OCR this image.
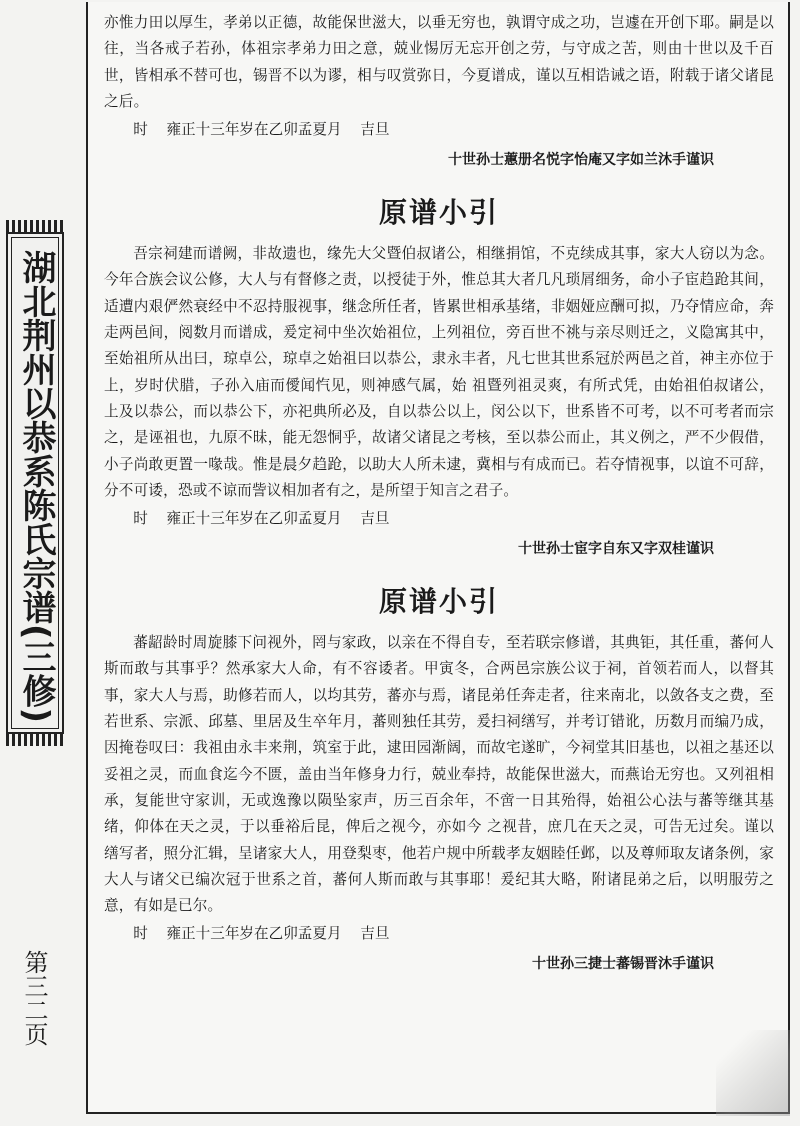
湖北荆州以恭系陈氏宗谱(三修)
第三二页

亦惟力田以厚生，孝弟以正德，故能保世滋大，以垂无穷也，孰谓守成之功，岂遽在开创下耶。嗣是以往，当各戒子若孙，体祖宗孝弟力田之意，兢业惕厉无忘开创之劳，与守成之苦，则由十世以及千百世，皆相承不替可也，锡晋不以为谬，相与叹赏弥日，今夏谱成，谨以互相诰诫之语，附载于诸父诸昆之后。

时 雍正十三年岁在乙卯孟夏月 吉旦
十世孙士蕙册名悦字怡庵又字如兰沐手谨识
原谱小引

吾宗祠建而谱阙，非故遗也，缘先大父暨伯叔诸公，相继捐馆，不克续成其事，家大人窃以为念。今年合族会议公修，大人与有督修之责，以授徒于外，惟总其大者几凡琐屑细务，命小子宦趋跄其间，适遭内艰俨然衰经中不忍持服视事，继念所任者，皆累世相承基绪，非姻娅应酬可拟，乃夺情应命，奔走两邑间，阅数月而谱成，爰定祠中坐次始祖位，上列祖位，旁百世不祧与亲尽则迁之，义隐寓其中，至始祖所从出曰，琼卓公，琼卓之始祖曰以恭公，隶永丰者，凡七世其世系冠於两邑之首，神主亦位于上，岁时伏腊，子孙入庙而僾闻忾见，则神感气属，始 祖暨列祖灵爽，有所式凭，由始祖伯叔诸公，上及以恭公，而以恭公下，亦祀典所必及，自以恭公以上，闵公以下，世系皆不可考，以不可考者而宗之，是诬祖也，九原不昧，能无怨恫乎，故诸父诸昆之考核，至以恭公而止，其义例之，严不少假借，小子尚敢更置一喙哉。惟是晨夕趋跄，以助大人所未逮，冀相与有成而已。若夺情视事，以谊不可辞，分不可诿，恐或不谅而訾议相加者有之，是所望于知言之君子。

时 雍正十三年岁在乙卯孟夏月 吉旦
十世孙士宦字自东又字双桂谨识
原谱小引

蕃龆龄时周旋膝下问视外，罔与家政，以亲在不得自专，至若联宗修谱，其典钜，其任重，蕃何人斯而敢与其事乎？然承家大人命，有不容诿者。甲寅冬，合两邑宗族公议于祠，首领若而人，以督其事，家大人与焉，助修若而人，以均其劳，蕃亦与焉，诸昆弟任奔走者，往来南北，以敛各支之费，至若世系、宗派、邱墓、里居及生卒年月，蕃则独任其劳，爰扫祠缮写，并考订错讹，历数月而编乃成，因掩卷叹曰：我祖由永丰来荆，筑室于此，逮田园渐阔，而故宅遂旷，今祠堂其旧基也，以祖之基还以妥祖之灵，而血食迄今不匮，盖由当年修身力行，兢业奉持，故能保世滋大，而燕诒无穷也。又列祖相承，复能世守家训，无或逸豫以陨坠家声，历三百余年，不啻一日其殆得，始祖公心法与蕃等继其基绪，仰体在天之灵，于以垂裕后昆，俾后之视今，亦如今 之视昔，庶几在天之灵，可告无过矣。谨以缮写者，照分汇辑，呈诸家大人，用登梨枣，他若户规中所载孝友姻睦任邺，以及尊师取友诸条例，家大人与诸父已编次冠于世系之首，蕃何人斯而敢与其事耶！爰纪其大略，附诸昆弟之后，以明服劳之意，有如是已尔。

时 雍正十三年岁在乙卯孟夏月 吉旦
十世孙三捷士蕃锡晋沐手谨识
